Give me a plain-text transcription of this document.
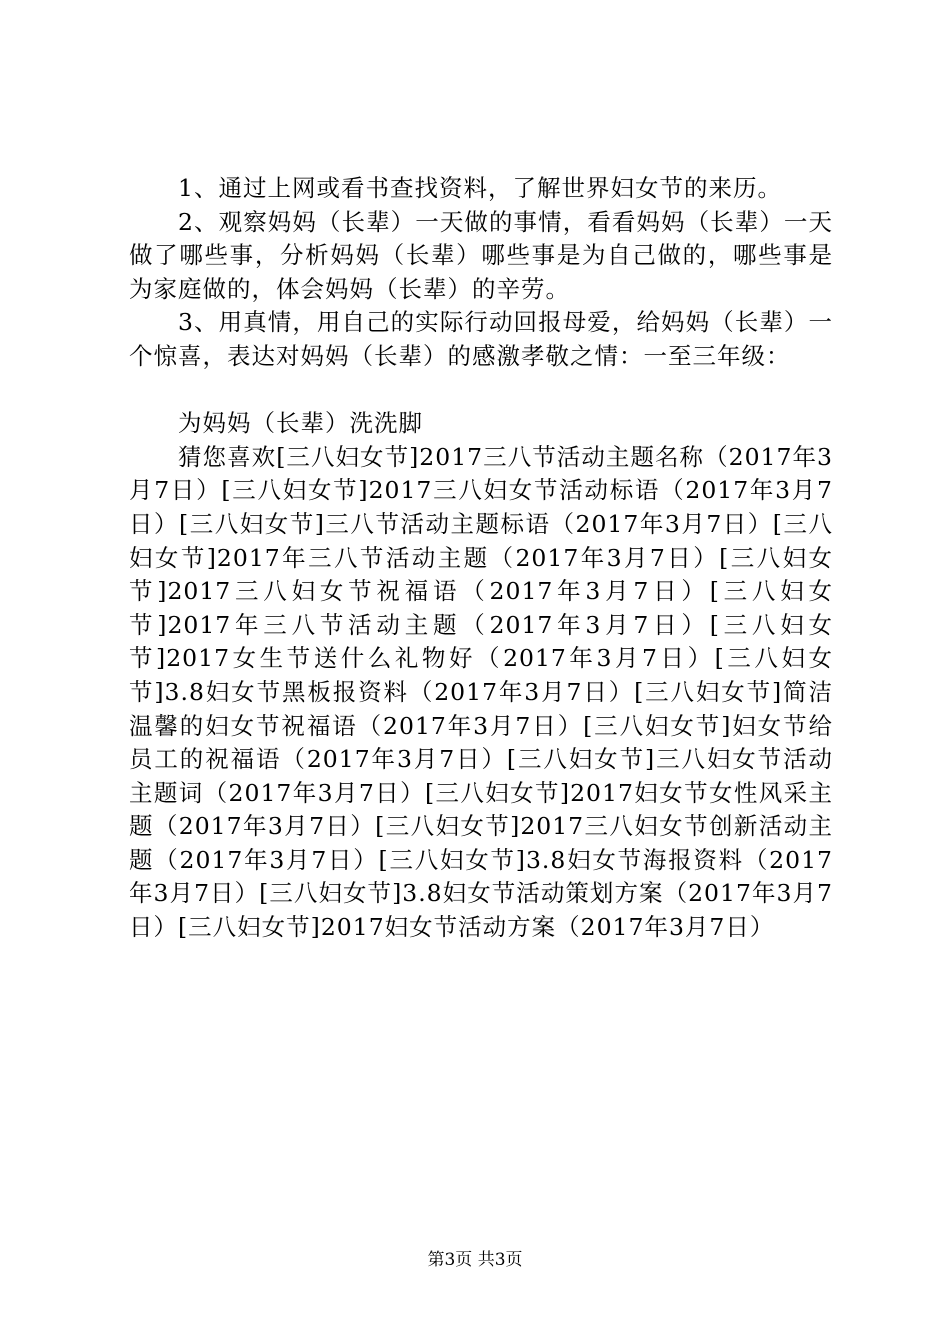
1、通过上网或看书查找资料，了解世界妇女节的来历。

2、观察妈妈（长辈）一天做的事情，看看妈妈（长辈）一天做了哪些事，分析妈妈（长辈）哪些事是为自己做的，哪些事是为家庭做的，体会妈妈（长辈）的辛劳。

3、用真情，用自己的实际行动回报母爱，给妈妈（长辈）一个惊喜，表达对妈妈（长辈）的感激孝敬之情：一至三年级：

为妈妈（长辈）洗洗脚

猜您喜欢[三八妇女节]2017三八节活动主题名称（2017年3月7日）[三八妇女节]2017三八妇女节活动标语（2017年3月7日）[三八妇女节]三八节活动主题标语（2017年3月7日）[三八妇女节]2017年三八节活动主题（2017年3月7日）[三八妇女节]2017三八妇女节祝福语（2017年3月7日）[三八妇女节]2017年三八节活动主题（2017年3月7日）[三八妇女节]2017女生节送什么礼物好（2017年3月7日）[三八妇女节]3.8妇女节黑板报资料（2017年3月7日）[三八妇女节]简洁温馨的妇女节祝福语（2017年3月7日）[三八妇女节]妇女节给员工的祝福语（2017年3月7日）[三八妇女节]三八妇女节活动主题词（2017年3月7日）[三八妇女节]2017妇女节女性风采主题（2017年3月7日）[三八妇女节]2017三八妇女节创新活动主题（2017年3月7日）[三八妇女节]3.8妇女节海报资料（2017年3月7日）[三八妇女节]3.8妇女节活动策划方案（2017年3月7日）[三八妇女节]2017妇女节活动方案（2017年3月7日）

第3页 共3页
